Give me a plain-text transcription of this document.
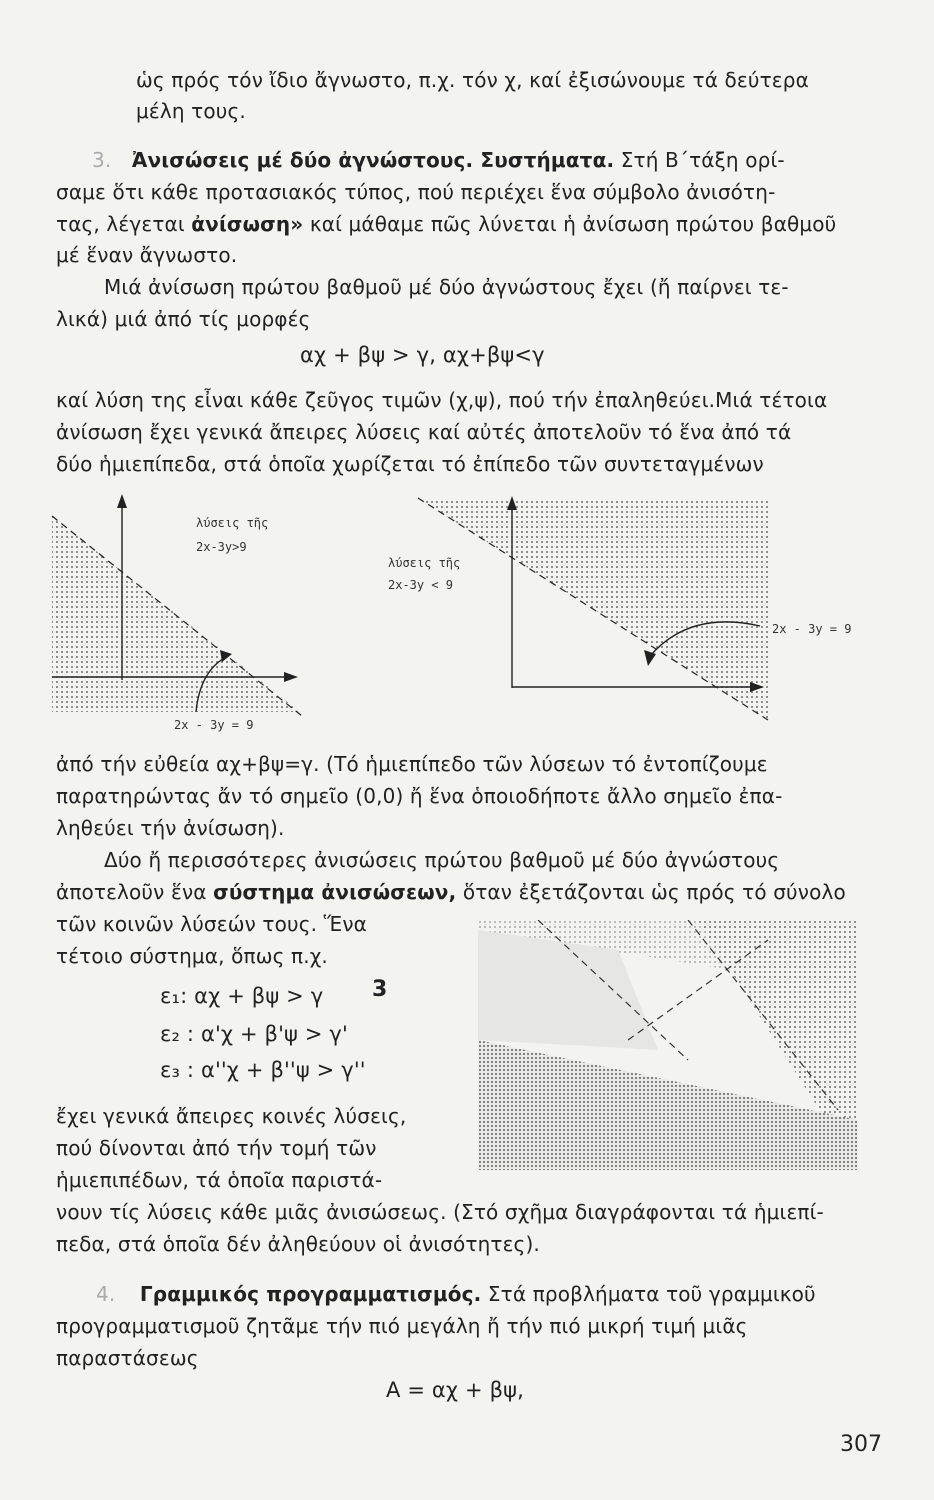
ὡς πρός τόν ἴδιο ἄγνωστο, π.χ. τόν χ, καί ἐξισώνουμε τά δεύτερα
μέλη τους.
3. Ἀνισώσεις μέ δύο ἀγνώστους. Συστήματα. Στή Β΄τάξη ορί-
σαμε ὅτι κάθε προτασιακός τύπος, πού περιέχει ἕνα σύμβολο ἀνισότη-
τας, λέγεται ἀνίσωση» καί μάθαμε πῶς λύνεται ἡ ἀνίσωση πρώτου βαθμοῦ
μέ ἕναν ἄγνωστο.
Μιά ἀνίσωση πρώτου βαθμοῦ μέ δύο ἀγνώστους ἔχει (ἤ παίρνει τε-
λικά) μιά ἀπό τίς μορφές
αχ + βψ > γ, αχ+βψ<γ
καί λύση της εἶναι κάθε ζεῦγος τιμῶν (χ,ψ), πού τήν ἐπαληθεύει.Μιά τέτοια
ἀνίσωση ἔχει γενικά ἄπειρες λύσεις καί αὐτές ἀποτελοῦν τό ἕνα ἀπό τά
δύο ἡμιεπίπεδα, στά ὁποῖα χωρίζεται τό ἐπίπεδο τῶν συντεταγμένων
λύσεις τῆς
2x-3y>9
2x - 3y = 9
λύσεις τῆς
2x-3y < 9
2x - 3y = 9
ἀπό τήν εὐθεία αχ+βψ=γ. (Τό ἡμιεπίπεδο τῶν λύσεων τό ἐντοπίζουμε
παρατηρώντας ἄν τό σημεῖο (0,0) ἤ ἕνα ὁποιοδήποτε ἄλλο σημεῖο ἐπα-
ληθεύει τήν ἀνίσωση).
Δύο ἤ περισσότερες ἀνισώσεις πρώτου βαθμοῦ μέ δύο ἀγνώστους
ἀποτελοῦν ἕνα σύστημα ἀνισώσεων, ὅταν ἐξετάζονται ὡς πρός τό σύνολο
τῶν κοινῶν λύσεών τους. Ἕνα
τέτοιο σύστημα, ὅπως π.χ.
ε₁: αχ + βψ > γ
ε₂ : α'χ + β'ψ > γ'
ε₃ : α''χ + β''ψ > γ''
3
ἔχει γενικά ἄπειρες κοινές λύσεις,
πού δίνονται ἀπό τήν τομή τῶν
ἡμιεπιπέδων, τά ὁποῖα παριστά-
νουν τίς λύσεις κάθε μιᾶς ἀνισώσεως. (Στό σχῆμα διαγράφονται τά ἡμιεπί-
πεδα, στά ὁποῖα δέν ἀληθεύουν οἱ ἀνισότητες).
4. Γραμμικός προγραμματισμός. Στά προβλήματα τοῦ γραμμικοῦ
προγραμματισμοῦ ζητᾶμε τήν πιό μεγάλη ἤ τήν πιό μικρή τιμή μιᾶς
παραστάσεως
Α = αχ + βψ,
307
